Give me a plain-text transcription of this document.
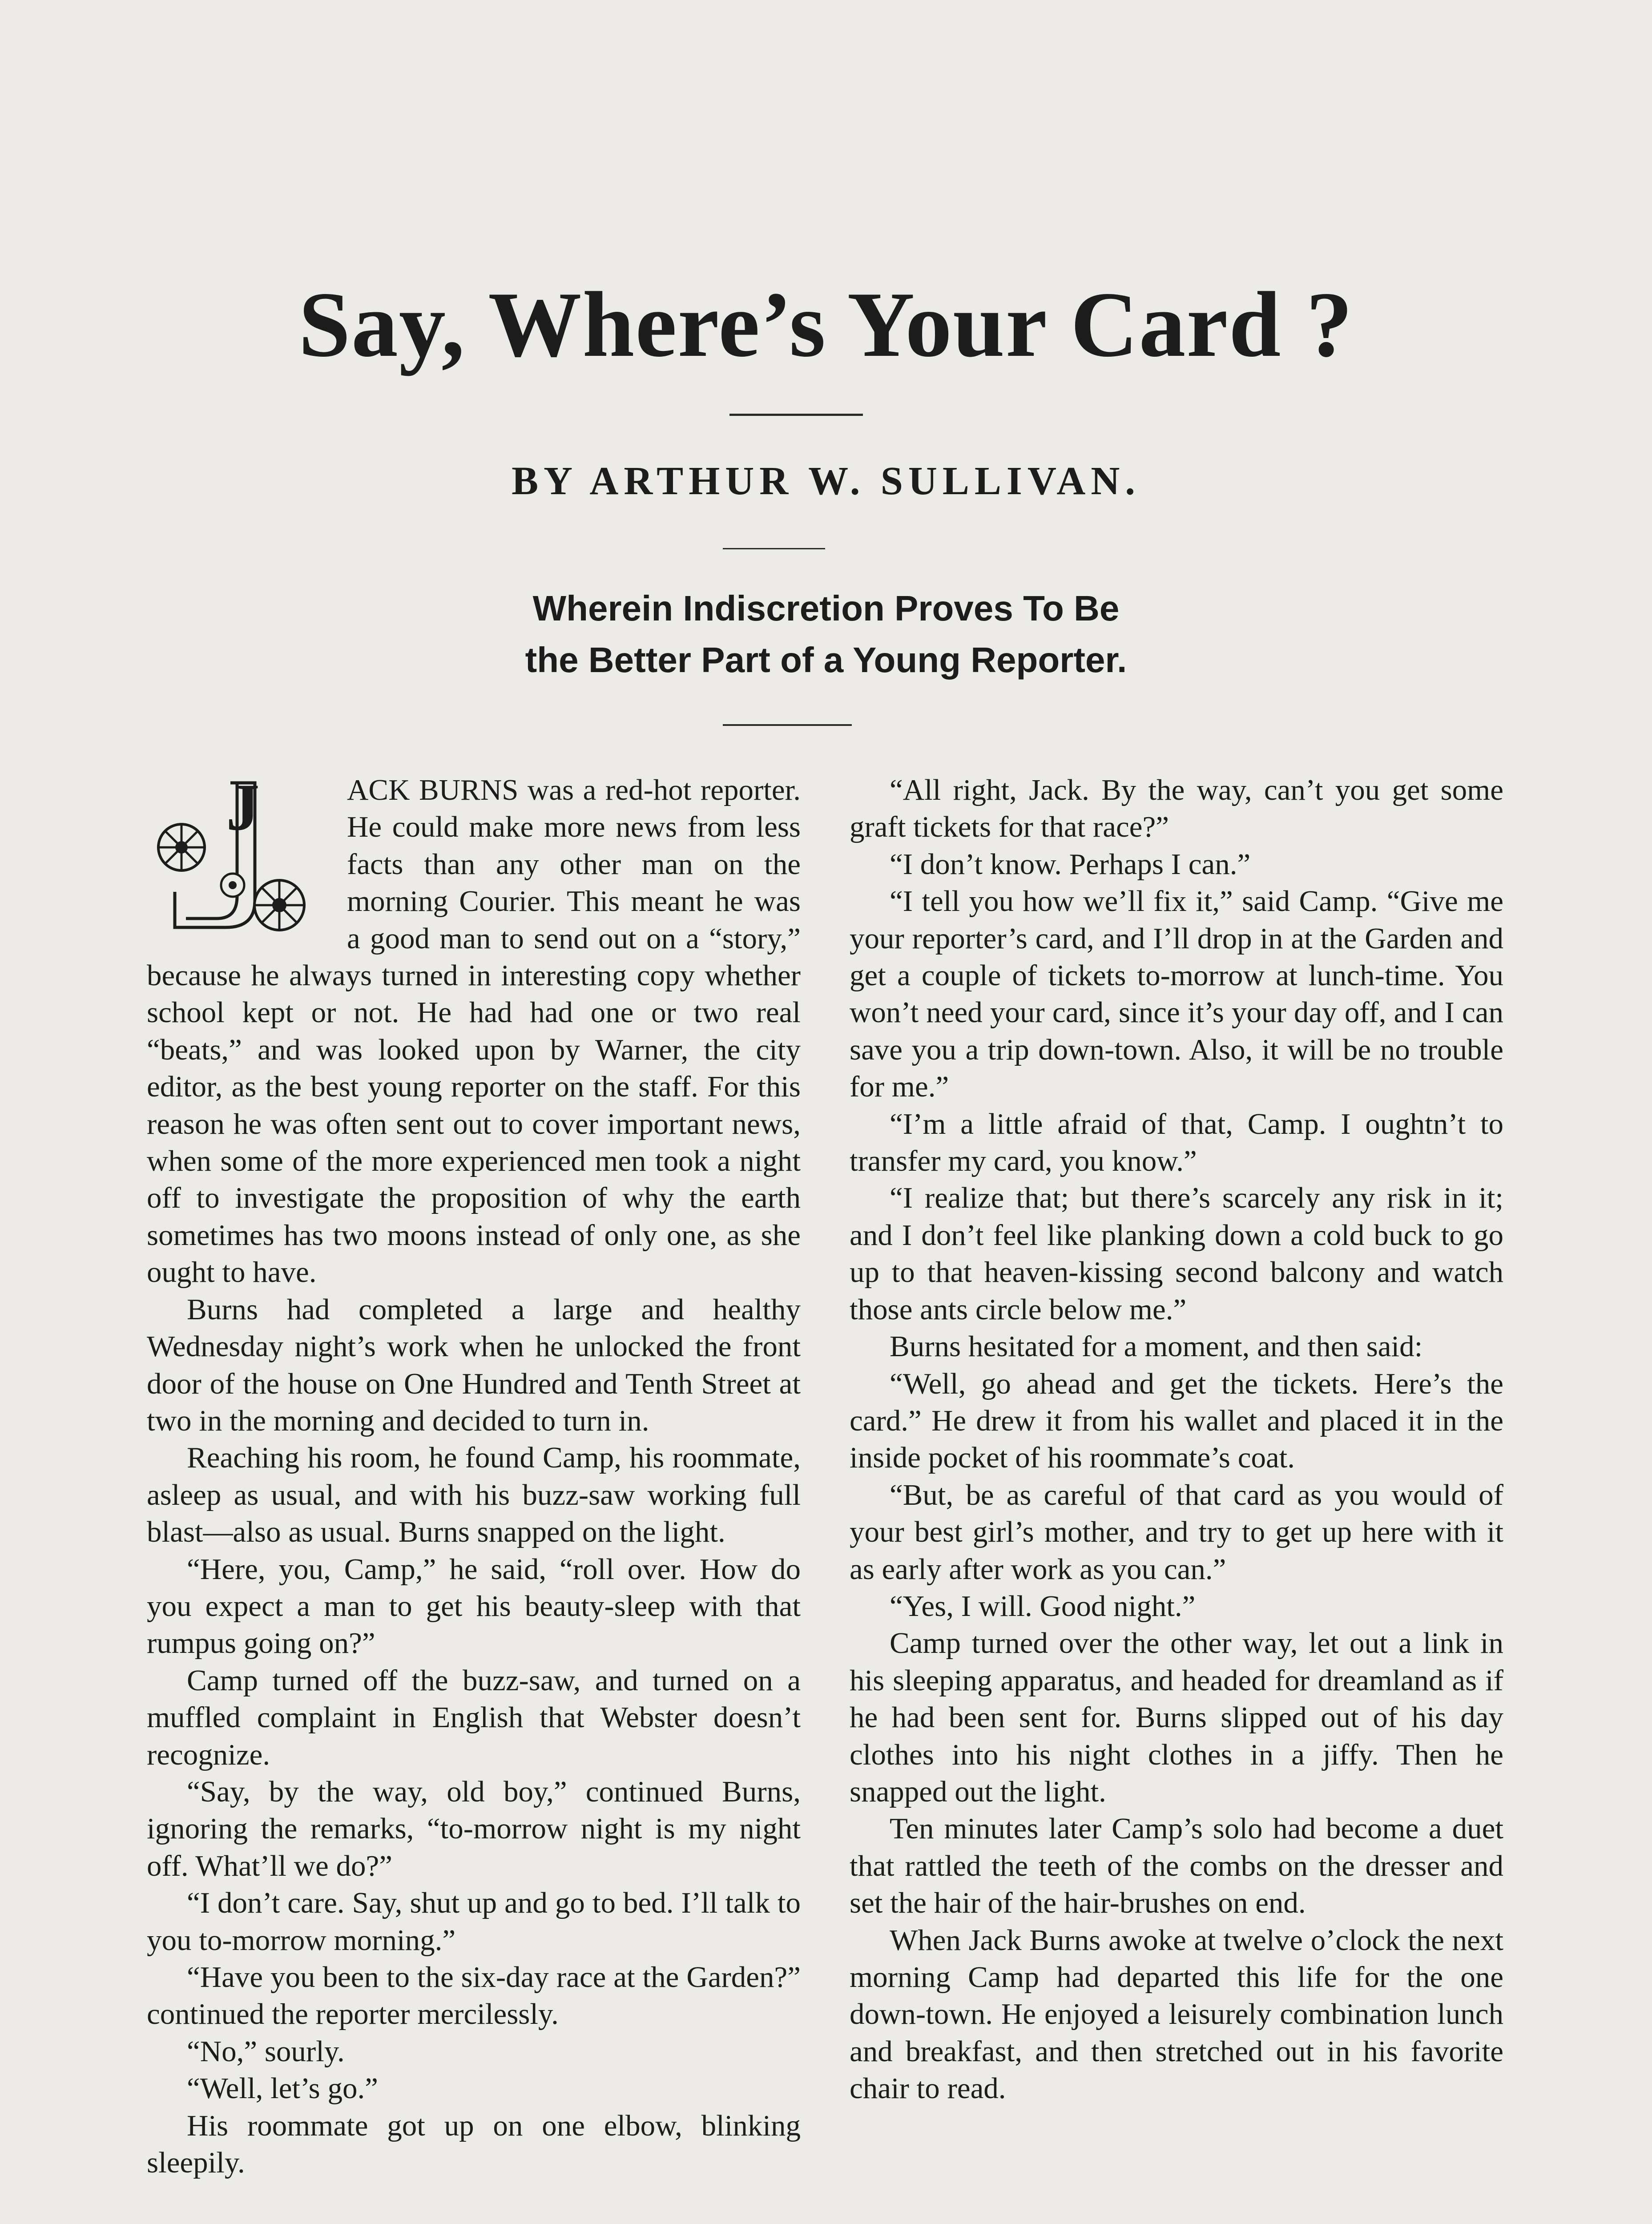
Say, Where’s Your Card ?
BY ARTHUR W. SULLIVAN.
Wherein Indiscretion Proves To Be
the Better Part of a Young Reporter.

J	ACK BURNS was a red-hot reporter. He could make more news from less facts than any other man on the morning Courier. This meant he was a good man to send out on a “story,” because he always turned in interesting copy whether school kept or not. He had had one or two real “beats,” and was looked upon by Warner, the city editor, as the best young reporter on the staff. For this reason he was often sent out to cover important news, when some of the more experienced men took a night off to investigate the proposition of why the earth sometimes has two moons instead of only one, as she ought to have.

Burns had completed a large and healthy Wednesday night’s work when he unlocked the front door of the house on One Hundred and Tenth Street at two in the morning and decided to turn in.

Reaching his room, he found Camp, his roommate, asleep as usual, and with his buzz-saw working full blast—also as usual. Burns snapped on the light.

“Here, you, Camp,” he said, “roll over. How do you expect a man to get his beauty-sleep with that rumpus going on?”

Camp turned off the buzz-saw, and turned on a muffled complaint in English that Webster doesn’t recognize.

“Say, by the way, old boy,” continued Burns, ignoring the remarks, “to-morrow night is my night off. What’ll we do?”

“I don’t care. Say, shut up and go to bed. I’ll talk to you to-morrow morning.”

“Have you been to the six-day race at the Garden?” continued the reporter mercilessly.

“No,” sourly.

“Well, let’s go.”

His roommate got up on one elbow, blinking sleepily.

“All right, Jack. By the way, can’t you get some graft tickets for that race?”

“I don’t know. Perhaps I can.”

“I tell you how we’ll fix it,” said Camp. “Give me your reporter’s card, and I’ll drop in at the Garden and get a couple of tickets to-morrow at lunch-time. You won’t need your card, since it’s your day off, and I can save you a trip down-town. Also, it will be no trouble for me.”

“I’m a little afraid of that, Camp. I oughtn’t to transfer my card, you know.”

“I realize that; but there’s scarcely any risk in it; and I don’t feel like planking down a cold buck to go up to that heaven-kissing second balcony and watch those ants circle below me.”

Burns hesitated for a moment, and then said:

“Well, go ahead and get the tickets. Here’s the card.” He drew it from his wallet and placed it in the inside pocket of his roommate’s coat.

“But, be as careful of that card as you would of your best girl’s mother, and try to get up here with it as early after work as you can.”

“Yes, I will. Good night.”

Camp turned over the other way, let out a link in his sleeping apparatus, and headed for dreamland as if he had been sent for. Burns slipped out of his day clothes into his night clothes in a jiffy. Then he snapped out the light.

Ten minutes later Camp’s solo had become a duet that rattled the teeth of the combs on the dresser and set the hair of the hair-brushes on end.

When Jack Burns awoke at twelve o’clock the next morning Camp had departed this life for the one down-town. He enjoyed a leisurely combination lunch and breakfast, and then stretched out in his favorite chair to read.
